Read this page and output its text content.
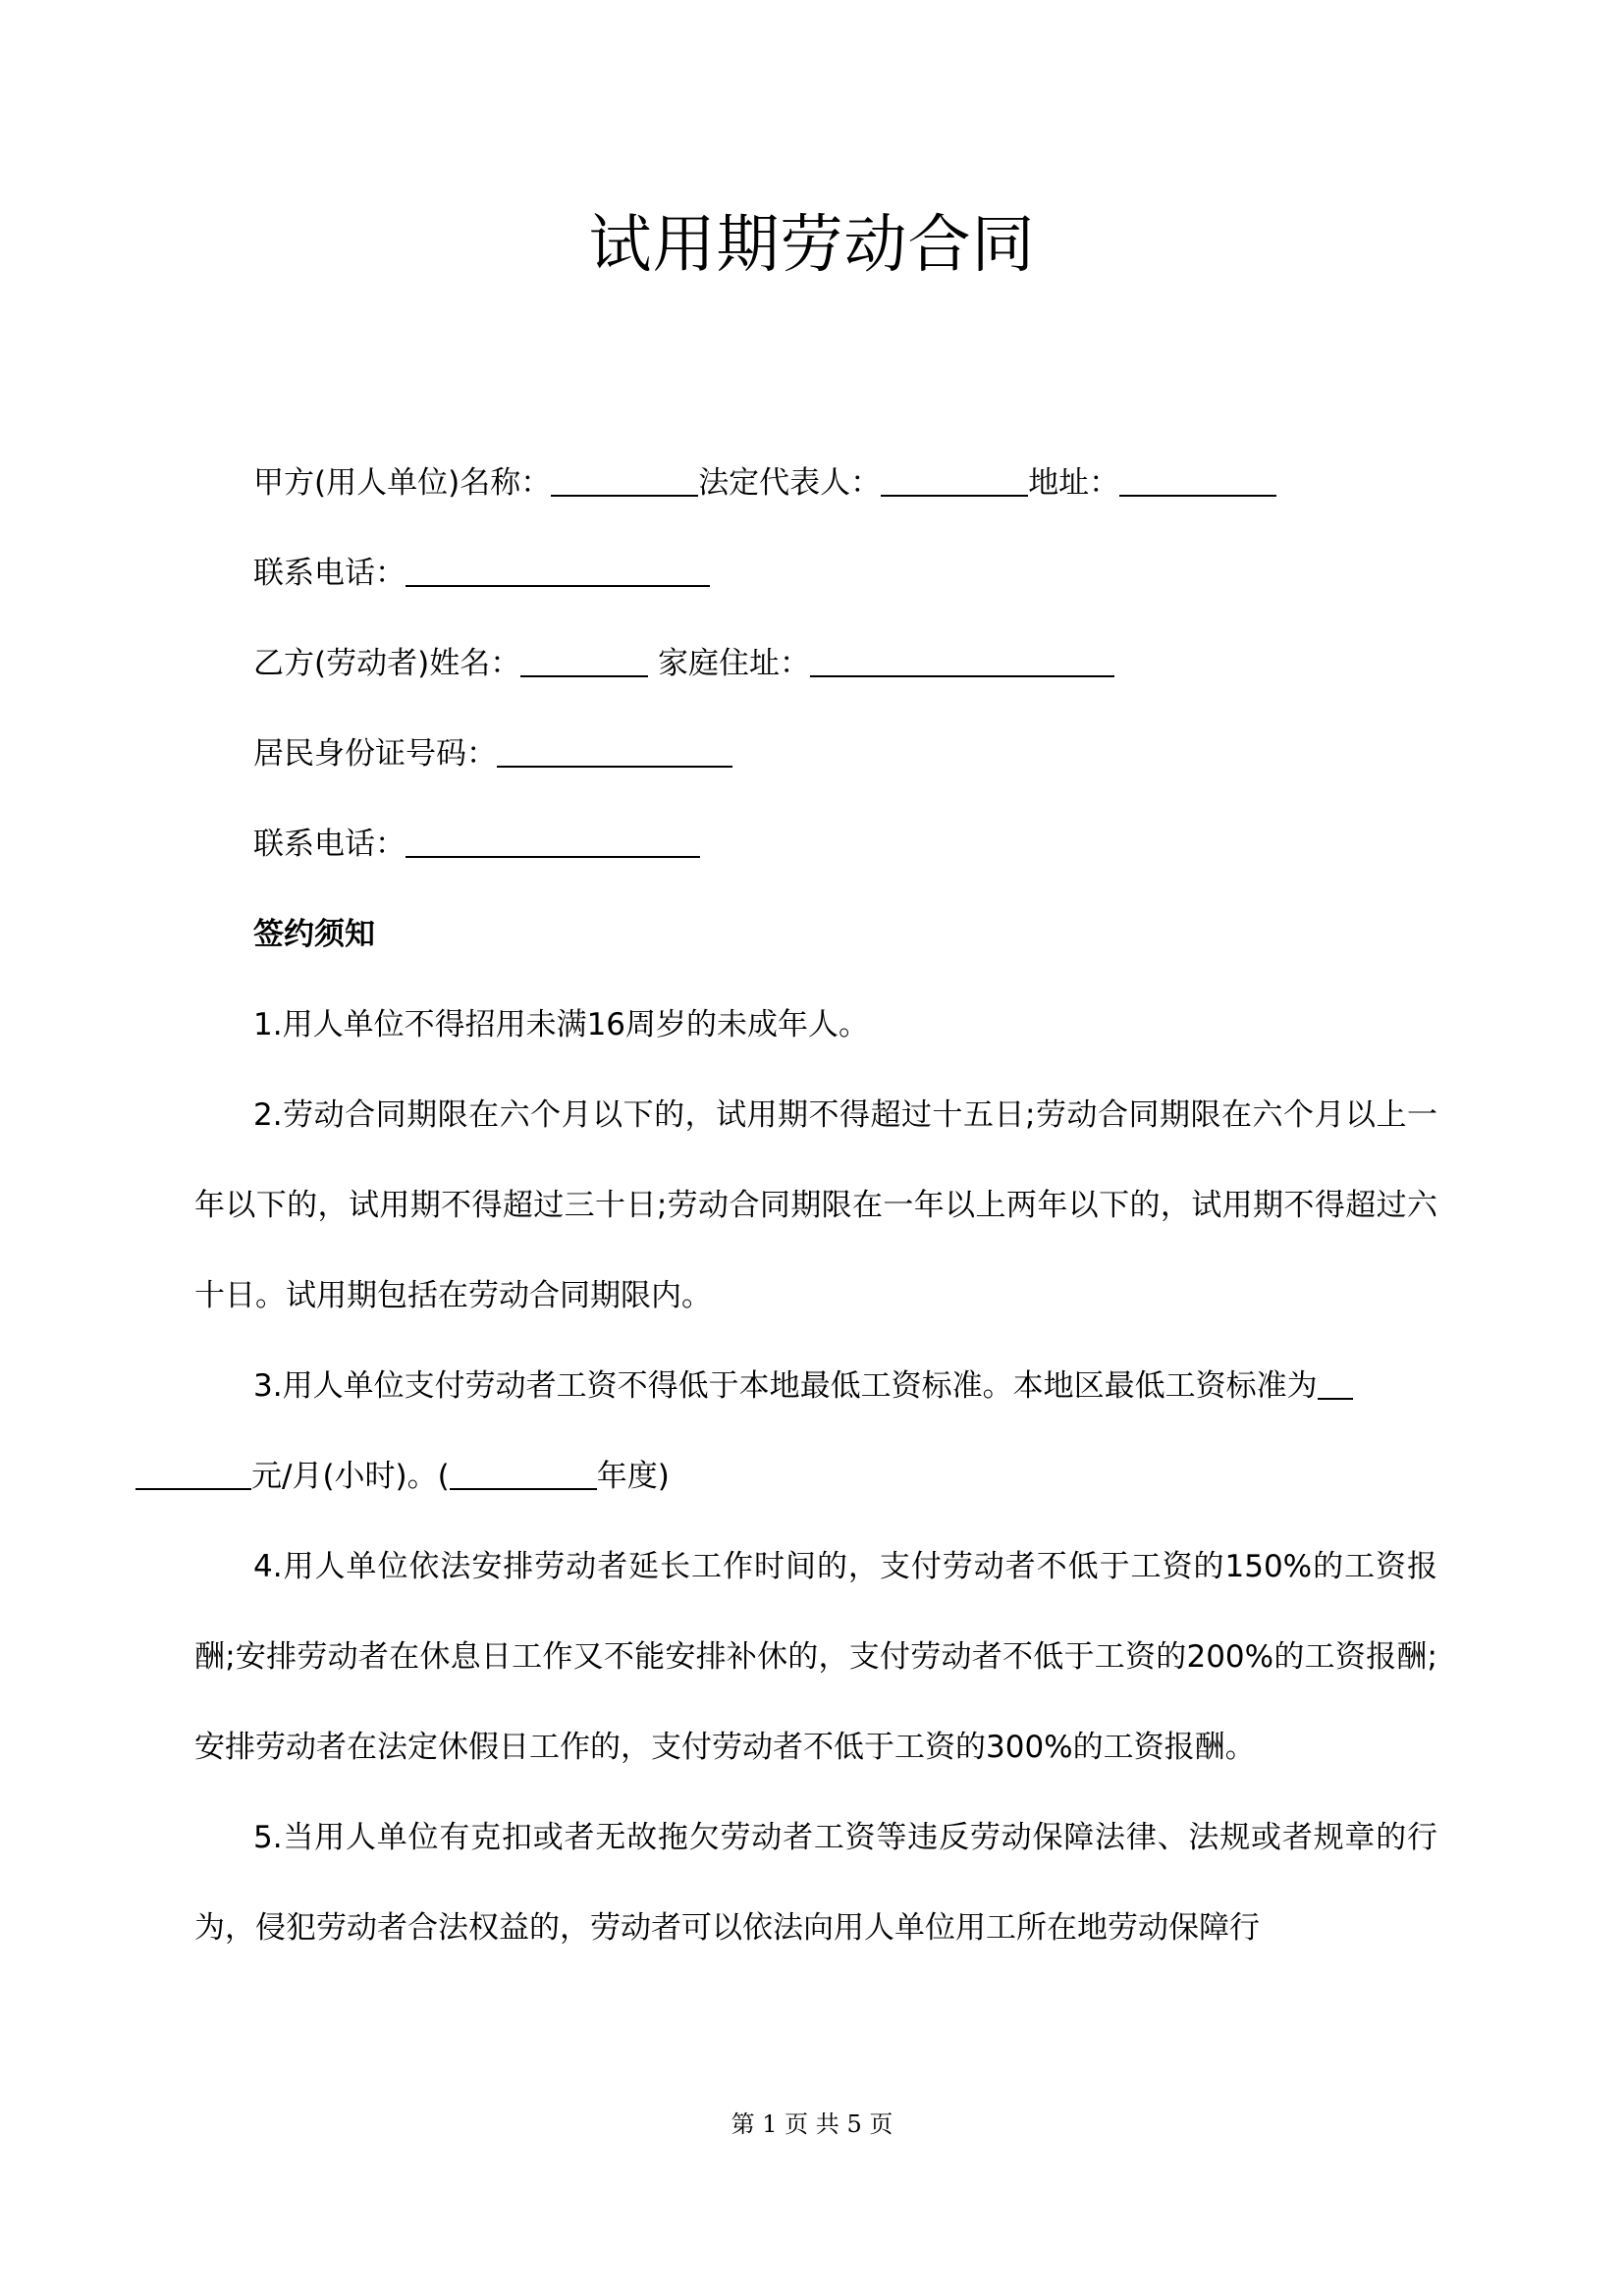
试用期劳动合同

甲方(用人单位)名称：	法定代表人：	地址：

联系电话：

乙方(劳动者)姓名：	家庭住址：

居民身份证号码：

联系电话：

签约须知

1.用人单位不得招用未满16周岁的未成年人。

2.劳动合同期限在六个月以下的，试用期不得超过十五日;劳动合同期限在六个月以上一年以下的，试用期不得超过三十日;劳动合同期限在一年以上两年以下的，试用期不得超过六十日。试用期包括在劳动合同期限内。

3.用人单位支付劳动者工资不得低于本地最低工资标准。本地区最低工资标准为
元/月(小时)。(	年度)

4.用人单位依法安排劳动者延长工作时间的，支付劳动者不低于工资的150%的工资报酬;安排劳动者在休息日工作又不能安排补休的，支付劳动者不低于工资的200%的工资报酬;安排劳动者在法定休假日工作的，支付劳动者不低于工资的300%的工资报酬。

5.当用人单位有克扣或者无故拖欠劳动者工资等违反劳动保障法律、法规或者规章的行为，侵犯劳动者合法权益的，劳动者可以依法向用人单位用工所在地劳动保障行

第 1 页 共 5 页
